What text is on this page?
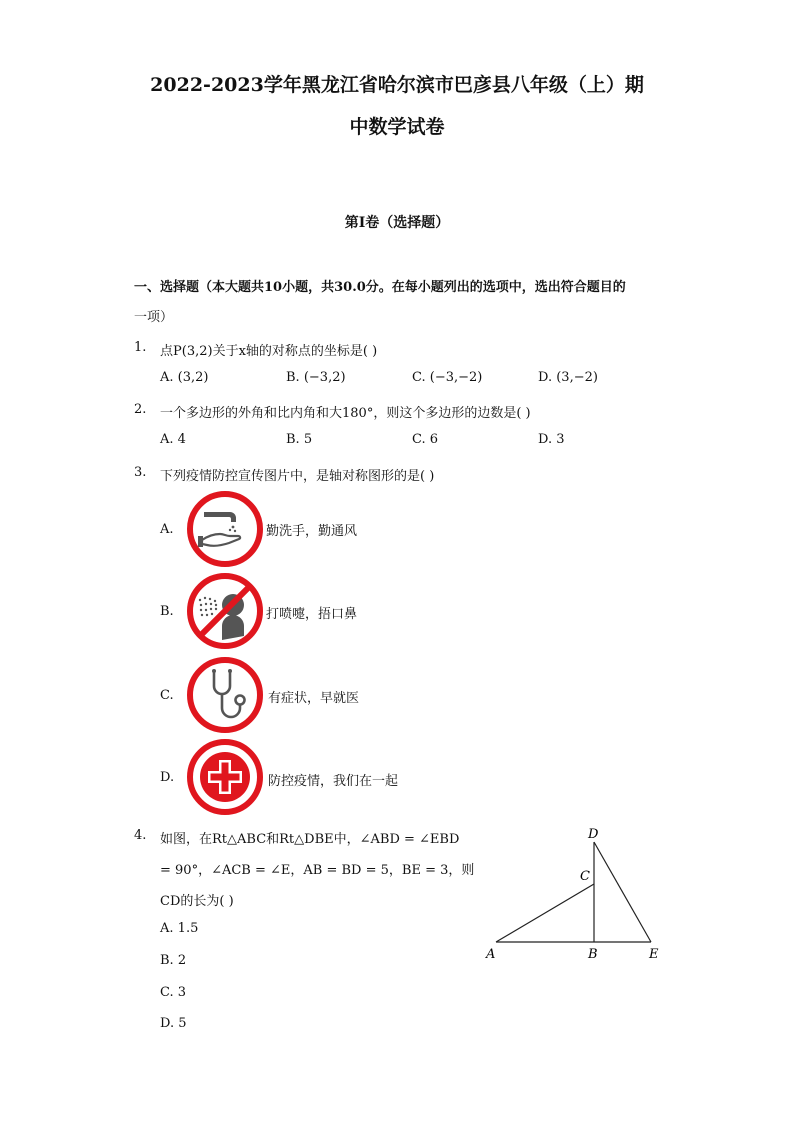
2022-2023学年黑龙江省哈尔滨市巴彦县八年级（上）期
中数学试卷
第I卷（选择题）
一、选择题（本大题共10小题，共30.0分。在每小题列出的选项中，选出符合题目的
一项）
1. 点P(3,2)关于x轴的对称点的坐标是( )
A. (3,2)	B. (−3,2)	C. (−3,−2)	D. (3,−2)
2. 一个多边形的外角和比内角和大180°，则这个多边形的边数是( )
A. 4	B. 5	C. 6	D. 3
3. 下列疫情防控宣传图片中，是轴对称图形的是( )
A.	勤洗手，勤通风
B.	打喷嚏，捂口鼻
C.	有症状，早就医
D.	防控疫情，我们在一起
4. 如图，在Rt△ABC和Rt△DBE中，∠ABD = ∠EBD
= 90°，∠ACB = ∠E，AB = BD = 5，BE = 3，则
CD的长为( )
A. 1.5
B. 2
C. 3
D. 5
D
C
A	B	E
